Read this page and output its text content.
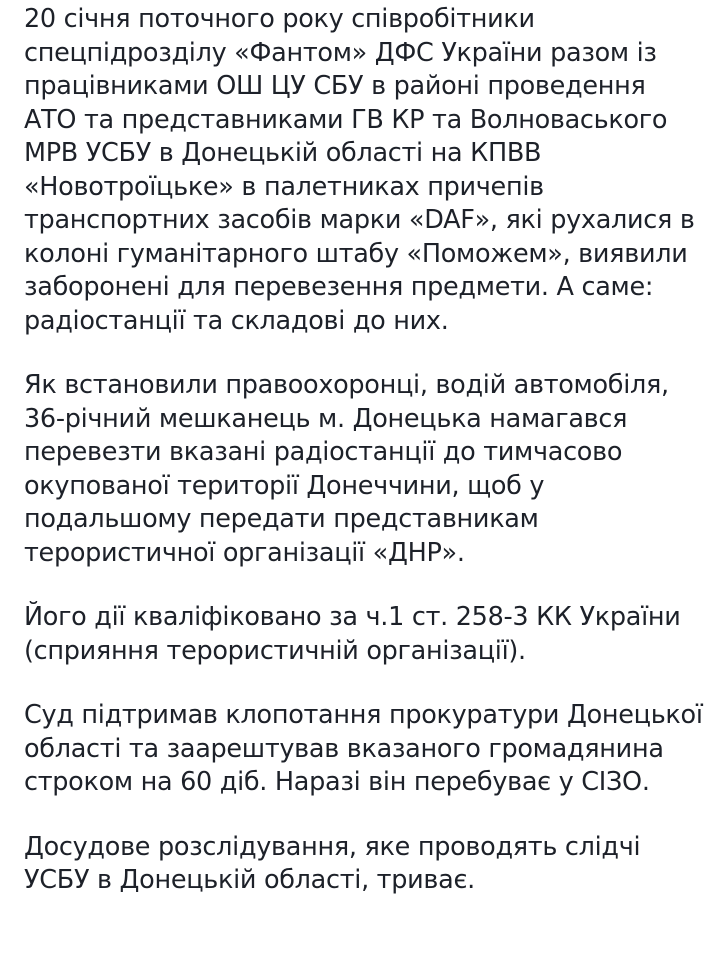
20 січня поточного року співробітники
спецпідрозділу «Фантом» ДФС України разом із
працівниками ОШ ЦУ СБУ в районі проведення
АТО та представниками ГВ КР та Волноваського
МРВ УСБУ в Донецькій області на КПВВ
«Новотроїцьке» в палетниках причепів
транспортних засобів марки «DAF», які рухалися в
колоні гуманітарного штабу «Поможем», виявили
заборонені для перевезення предмети. А саме:
радіостанції та складові до них.

Як встановили правоохоронці, водій автомобіля,
36-річний мешканець м. Донецька намагався
перевезти вказані радіостанції до тимчасово
окупованої території Донеччини, щоб у
подальшому передати представникам
терористичної організації «ДНР».

Його дії кваліфіковано за ч.1 ст. 258-3 КК України
(сприяння терористичній організації).

Суд підтримав клопотання прокуратури Донецької
області та заарештував вказаного громадянина
строком на 60 діб. Наразі він перебуває у СІЗО.

Досудове розслідування, яке проводять слідчі
УСБУ в Донецькій області, триває.
